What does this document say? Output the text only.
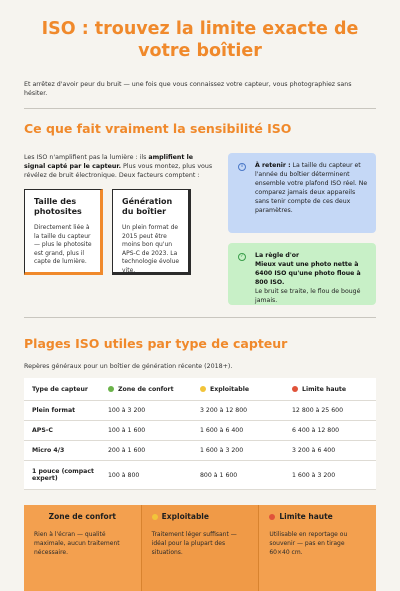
ISO : trouvez la limite exacte de votre boîtier
Et arrêtez d'avoir peur du bruit — une fois que vous connaissez votre capteur, vous photographiez sans hésiter.
Ce que fait vraiment la sensibilité ISO
Les ISO n'amplifient pas la lumière : ils amplifient le signal capté par le capteur. Plus vous montez, plus vous révélez de bruit électronique. Deux facteurs comptent :
Taille des photosites
Directement liée à la taille du capteur — plus le photosite est grand, plus il capte de lumière.
Génération du boîtier
Un plein format de 2015 peut être moins bon qu'un APS-C de 2023. La technologie évolue vite.
i	À retenir : La taille du capteur et l'année du boîtier déterminent ensemble votre plafond ISO réel. Ne comparez jamais deux appareils sans tenir compte de ces deux paramètres.
✓	La règle d'or
Mieux vaut une photo nette à 6400 ISO qu'une photo floue à 800 ISO.
Le bruit se traite, le flou de bougé jamais.
Plages ISO utiles par type de capteur
Repères généraux pour un boîtier de génération récente (2018+).
Type de capteur	Zone de confort	Exploitable	Limite haute
Plein format	100 à 3 200	3 200 à 12 800	12 800 à 25 600
APS-C	100 à 1 600	1 600 à 6 400	6 400 à 12 800
Micro 4/3	200 à 1 600	1 600 à 3 200	3 200 à 6 400
1 pouce (compact expert)	100 à 800	800 à 1 600	1 600 à 3 200
Zone de confort
Rien à l'écran — qualité maximale, aucun traitement nécessaire.
Exploitable
Traitement léger suffisant — idéal pour la plupart des situations.
Limite haute
Utilisable en reportage ou souvenir — pas en tirage 60×40 cm.
